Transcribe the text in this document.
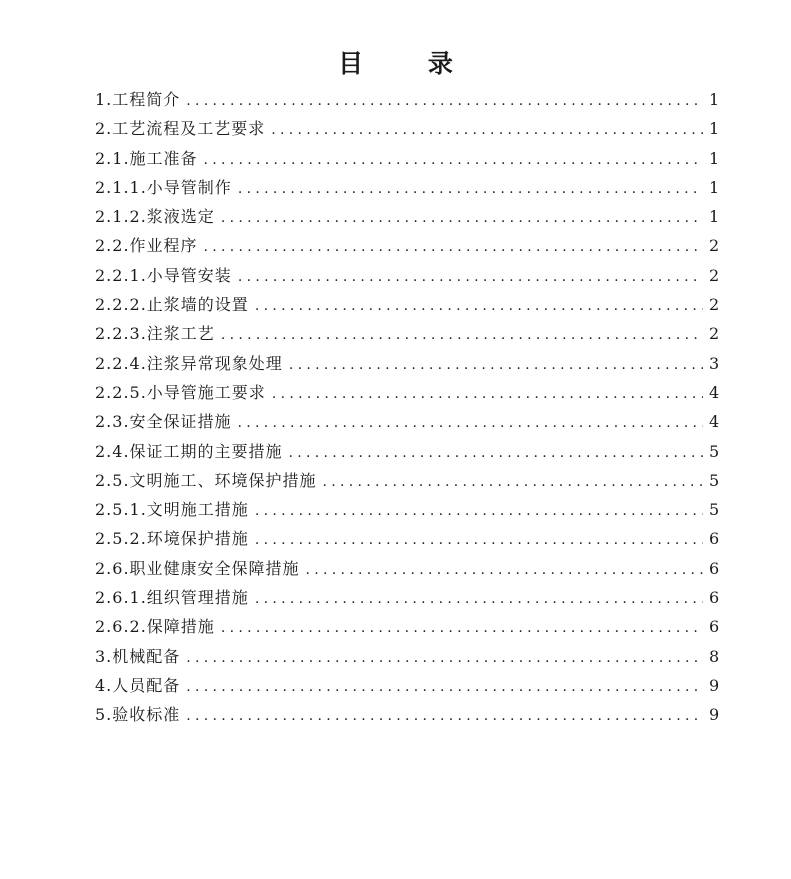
目 录
1.工程简介 .....	1
2.工艺流程及工艺要求 .....	1
2.1.施工准备 .....	1
2.1.1.小导管制作 .....	1
2.1.2.浆液选定 .....	1
2.2.作业程序 .....	2
2.2.1.小导管安装 .....	2
2.2.2.止浆墙的设置 .....	2
2.2.3.注浆工艺 .....	2
2.2.4.注浆异常现象处理 .....	3
2.2.5.小导管施工要求 .....	4
2.3.安全保证措施 .....	4
2.4.保证工期的主要措施 .....	5
2.5.文明施工、环境保护措施 .....	5
2.5.1.文明施工措施 .....	5
2.5.2.环境保护措施 .....	6
2.6.职业健康安全保障措施 .....	6
2.6.1.组织管理措施 .....	6
2.6.2.保障措施 .....	6
3.机械配备 .....	8
4.人员配备 .....	9
5.验收标准 .....	9
